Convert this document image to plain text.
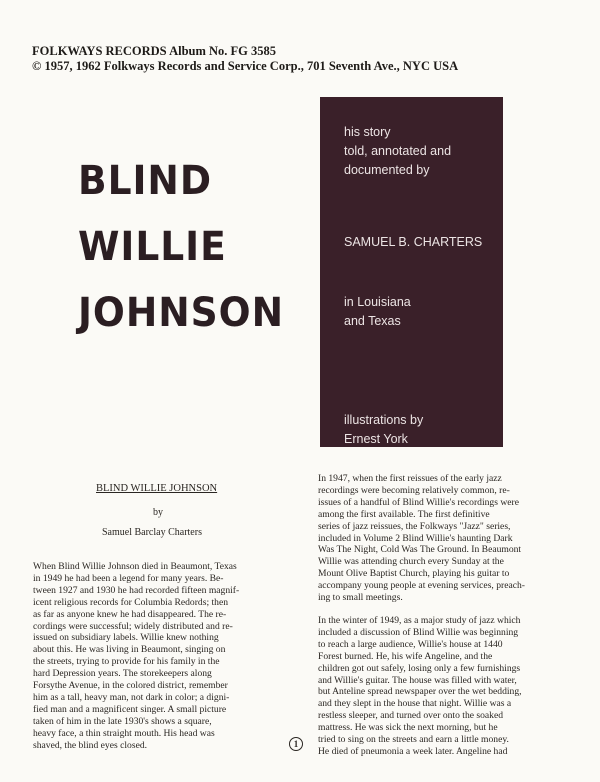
FOLKWAYS RECORDS Album No. FG 3585
© 1957, 1962 Folkways Records and Service Corp., 701 Seventh Ave., NYC USA
BLIND
WILLIE
JOHNSON
his story
told, annotated and
documented by
SAMUEL B. CHARTERS
in Louisiana
and Texas
illustrations by
Ernest York
BLIND WILLIE JOHNSON
by
Samuel Barclay Charters
When Blind Willie Johnson died in Beaumont, Texas
in 1949 he had been a legend for many years. Be-
tween 1927 and 1930 he had recorded fifteen magnif-
icent religious records for Columbia Redords; then
as far as anyone knew he had disappeared. The re-
cordings were successful; widely distributed and re-
issued on subsidiary labels. Willie knew nothing
about this. He was living in Beaumont, singing on
the streets, trying to provide for his family in the
hard Depression years. The storekeepers along
Forsythe Avenue, in the colored district, remember
him as a tall, heavy man, not dark in color; a digni-
fied man and a magnificent singer. A small picture
taken of him in the late 1930's shows a square,
heavy face, a thin straight mouth. His head was
shaved, the blind eyes closed.
In 1947, when the first reissues of the early jazz
recordings were becoming relatively common, re-
issues of a handful of Blind Willie's recordings were
among the first available. The first definitive
series of jazz reissues, the Folkways "Jazz" series,
included in Volume 2 Blind Willie's haunting Dark
Was The Night, Cold Was The Ground. In Beaumont
Willie was attending church every Sunday at the
Mount Olive Baptist Church, playing his guitar to
accompany young people at evening services, preach-
ing to small meetings.
In the winter of 1949, as a major study of jazz which
included a discussion of Blind Willie was beginning
to reach a large audience, Willie's house at 1440
Forest burned. He, his wife Angeline, and the
children got out safely, losing only a few furnishings
and Willie's guitar. The house was filled with water,
but Anteline spread newspaper over the wet bedding,
and they slept in the house that night. Willie was a
restless sleeper, and turned over onto the soaked
mattress. He was sick the next morning, but he
tried to sing on the streets and earn a little money.
He died of pneumonia a week later. Angeline had
1
